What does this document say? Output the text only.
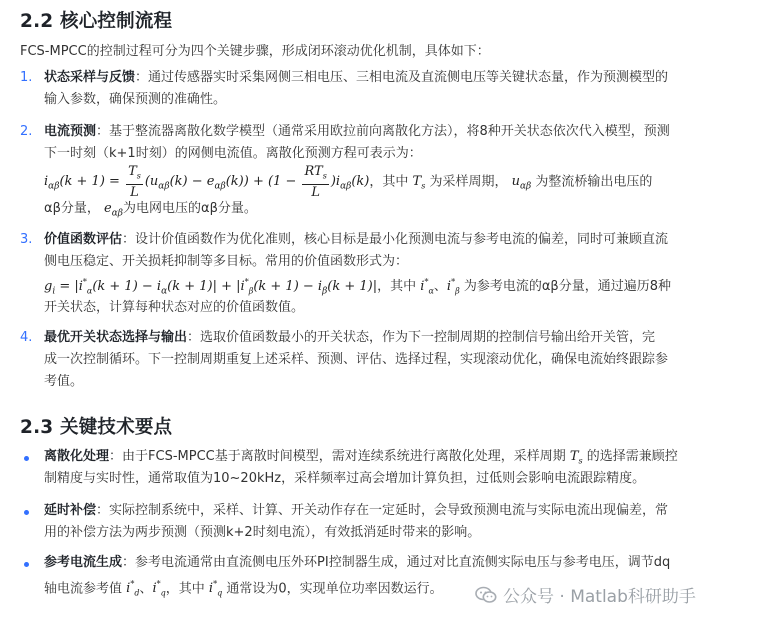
2.2 核心控制流程
FCS-MPCC的控制过程可分为四个关键步骤，形成闭环滚动优化机制，具体如下：
1. 状态采样与反馈：通过传感器实时采集网侧三相电压、三相电流及直流侧电压等关键状态量，作为预测模型的
输入参数，确保预测的准确性。
2. 电流预测：基于整流器离散化数学模型（通常采用欧拉前向离散化方法），将8种开关状态依次代入模型，预测
下一时刻（k+1时刻）的网侧电流值。离散化预测方程可表示为：
$i_{\alpha\beta}(k + 1) = \frac{T_s}{L} (u_{\alpha\beta}(k) - e_{\alpha\beta}(k)) + (1 - \frac{RT_s}{L} )i_{\alpha\beta}(k)$，其中 $T_s$ 为采样周期， $u_{\alpha\beta}$ 为整流桥输出电压的
αβ分量， $e_{\alpha\beta}$为电网电压的αβ分量。
3. 价值函数评估：设计价值函数作为优化准则，核心目标是最小化预测电流与参考电流的偏差，同时可兼顾直流
侧电压稳定、开关损耗抑制等多目标。常用的价值函数形式为：
$g_i = |i^*_\alpha(k + 1) - i_\alpha(k + 1)| + |i^*_\beta(k + 1) - i_\beta(k + 1)|$，其中 $i^*_\alpha$、$i^*_\beta$ 为参考电流的αβ分量，通过遍历8种
开关状态，计算每种状态对应的价值函数值。
4. 最优开关状态选择与输出：选取价值函数最小的开关状态，作为下一控制周期的控制信号输出给开关管，完
成一次控制循环。下一控制周期重复上述采样、预测、评估、选择过程，实现滚动优化，确保电流始终跟踪参
考值。
2.3 关键技术要点
离散化处理：由于FCS-MPCC基于离散时间模型，需对连续系统进行离散化处理，采样周期 $T_s$ 的选择需兼顾控
制精度与实时性，通常取值为10~20kHz，采样频率过高会增加计算负担，过低则会影响电流跟踪精度。
延时补偿：实际控制系统中，采样、计算、开关动作存在一定延时，会导致预测电流与实际电流出现偏差，常
用的补偿方法为两步预测（预测k+2时刻电流），有效抵消延时带来的影响。
参考电流生成：参考电流通常由直流侧电压外环PI控制器生成，通过对比直流侧实际电压与参考电压，调节dq
轴电流参考值 $i^*_d$、$i^*_q$，其中 $i^*_q$ 通常设为0，实现单位功率因数运行。	公众号 · Matlab科研助手
